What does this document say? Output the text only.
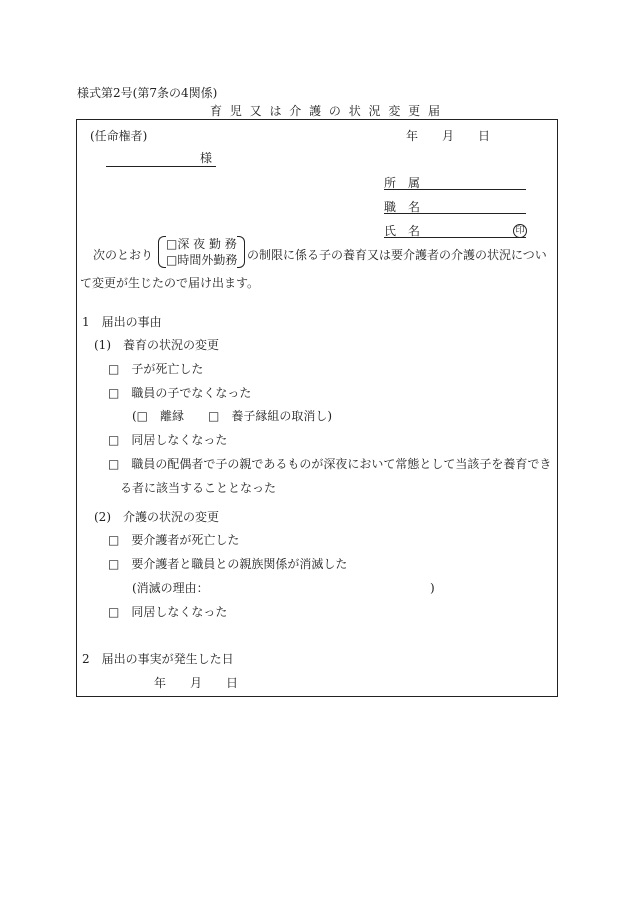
様式第2号(第7条の4関係)
育 児 又 は 介 護 の 状 況 変 更 届
(任命権者)	年　　月　　日
様
所　属
職　名
氏　名	印
次のとおり
□深 夜 勤 務
□時間外勤務 の制限に係る子の養育又は要介護者の介護の状況につい
て変更が生じたので届け出ます。
1　届出の事由
(1)　養育の状況の変更
□　子が死亡した
□　職員の子でなくなった
(□　離縁　　□　養子縁組の取消し)
□　同居しなくなった
□　職員の配偶者で子の親であるものが深夜において常態として当該子を養育でき
る者に該当することとなった
(2)　介護の状況の変更
□　要介護者が死亡した
□　要介護者と職員との親族関係が消滅した
(消滅の理由：	)
□　同居しなくなった
2　届出の事実が発生した日
年　　月　　日
